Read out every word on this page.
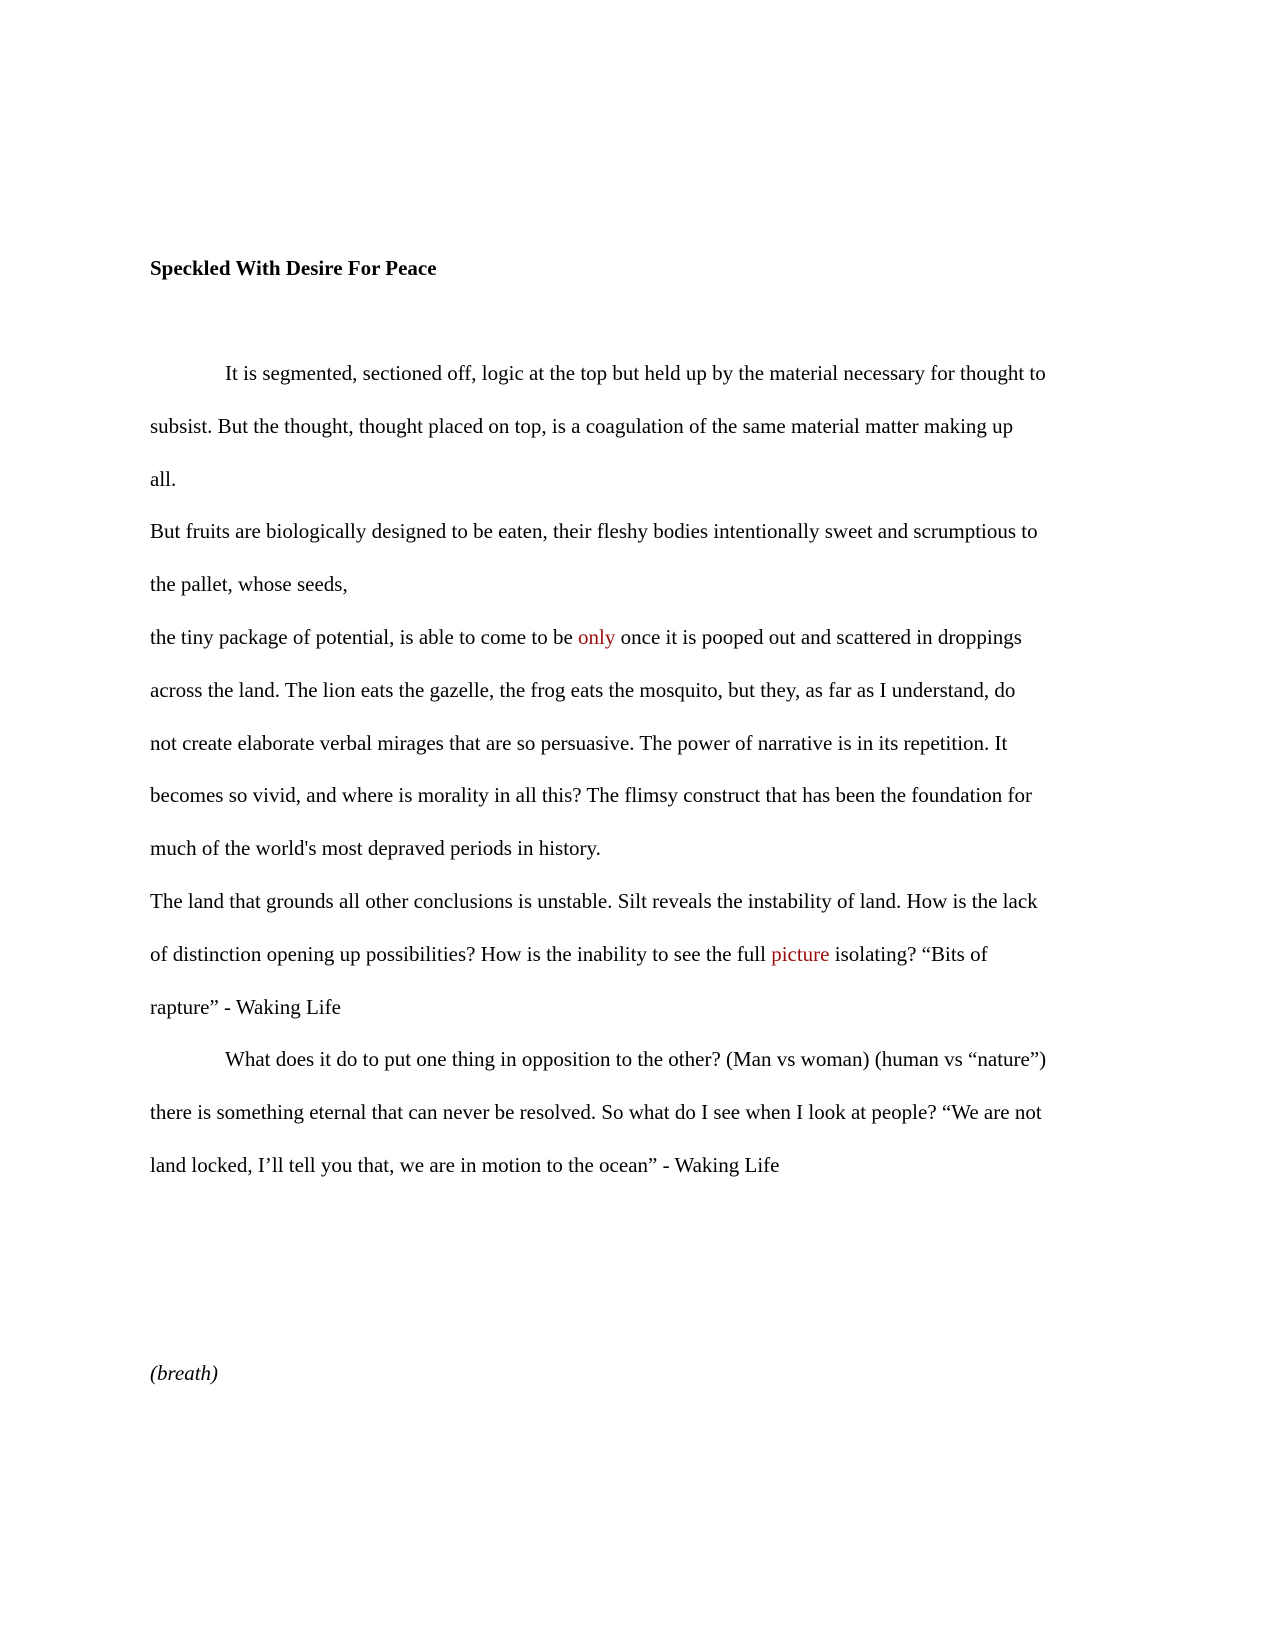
Speckled With Desire For Peace
It is segmented, sectioned off, logic at the top but held up by the material necessary for thought to
subsist. But the thought, thought placed on top, is a coagulation of the same material matter making up
all.
But fruits are biologically designed to be eaten, their fleshy bodies intentionally sweet and scrumptious to
the pallet, whose seeds,
the tiny package of potential, is able to come to be only once it is pooped out and scattered in droppings
across the land. The lion eats the gazelle, the frog eats the mosquito, but they, as far as I understand, do
not create elaborate verbal mirages that are so persuasive. The power of narrative is in its repetition. It
becomes so vivid, and where is morality in all this? The flimsy construct that has been the foundation for
much of the world's most depraved periods in history.
The land that grounds all other conclusions is unstable. Silt reveals the instability of land. How is the lack
of distinction opening up possibilities? How is the inability to see the full picture isolating? “Bits of
rapture” - Waking Life
What does it do to put one thing in opposition to the other? (Man vs woman) (human vs “nature”)
there is something eternal that can never be resolved. So what do I see when I look at people? “We are not
land locked, I’ll tell you that, we are in motion to the ocean” - Waking Life
(breath)
